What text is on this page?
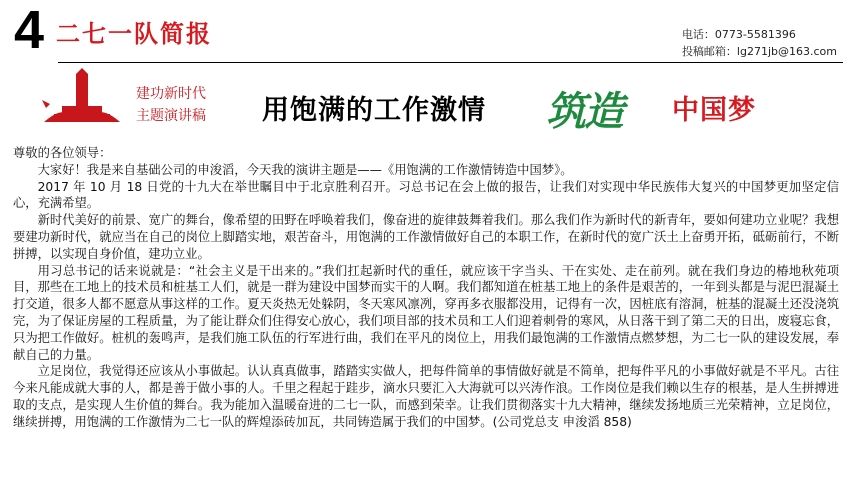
4 二七一队简报	电话：0773-5581396
投稿邮箱：lg271jb@163.com
建功新时代
主题演讲稿 用饱满的工作激情 筑造 中国梦

尊敬的各位领导：

大家好！我是来自基础公司的申浚滔，今天我的演讲主题是——《用饱满的工作激情铸造中国梦》。

2017 年 10 月 18 日党的十九大在举世瞩目中于北京胜利召开。习总书记在会上做的报告，让我们对实现中华民族伟大复兴的中国梦更加坚定信心，充满希望。

新时代美好的前景、宽广的舞台，像希望的田野在呼唤着我们，像奋进的旋律鼓舞着我们。那么我们作为新时代的新青年，要如何建功立业呢？我想要建功新时代，就应当在自己的岗位上脚踏实地，艰苦奋斗，用饱满的工作激情做好自己的本职工作，在新时代的宽广沃土上奋勇开拓，砥砺前行，不断拼搏，以实现自身价值，建功立业。

用习总书记的话来说就是：“社会主义是干出来的。”我们扛起新时代的重任，就应该干字当头、干在实处、走在前列。就在我们身边的椿地秋苑项目，那些在工地上的技术员和桩基工人们，就是一群为建设中国梦而实干的人啊。我们都知道在桩基工地上的条件是艰苦的，一年到头都是与泥巴混凝土打交道，很多人都不愿意从事这样的工作。夏天炎热无处躲阴，冬天寒风凛冽，穿再多衣服都没用，记得有一次，因桩底有溶洞，桩基的混凝土还没浇筑完，为了保证房屋的工程质量，为了能让群众们住得安心放心，我们项目部的技术员和工人们迎着刺骨的寒风，从日落干到了第二天的日出，废寝忘食，只为把工作做好。桩机的轰鸣声，是我们施工队伍的行军进行曲，我们在平凡的岗位上，用我们最饱满的工作激情点燃梦想，为二七一队的建设发展，奉献自己的力量。

立足岗位，我觉得还应该从小事做起。认认真真做事，踏踏实实做人，把每件简单的事情做好就是不简单，把每件平凡的小事做好就是不平凡。古往今来凡能成就大事的人，都是善于做小事的人。千里之程起于跬步，滴水只要汇入大海就可以兴涛作浪。工作岗位是我们赖以生存的根基，是人生拼搏进取的支点，是实现人生价值的舞台。我为能加入温暖奋进的二七一队，而感到荣幸。让我们贯彻落实十九大精神，继续发扬地质三光荣精神，立足岗位，继续拼搏，用饱满的工作激情为二七一队的辉煌添砖加瓦，共同铸造属于我们的中国梦。(公司党总支 申浚滔 858)
